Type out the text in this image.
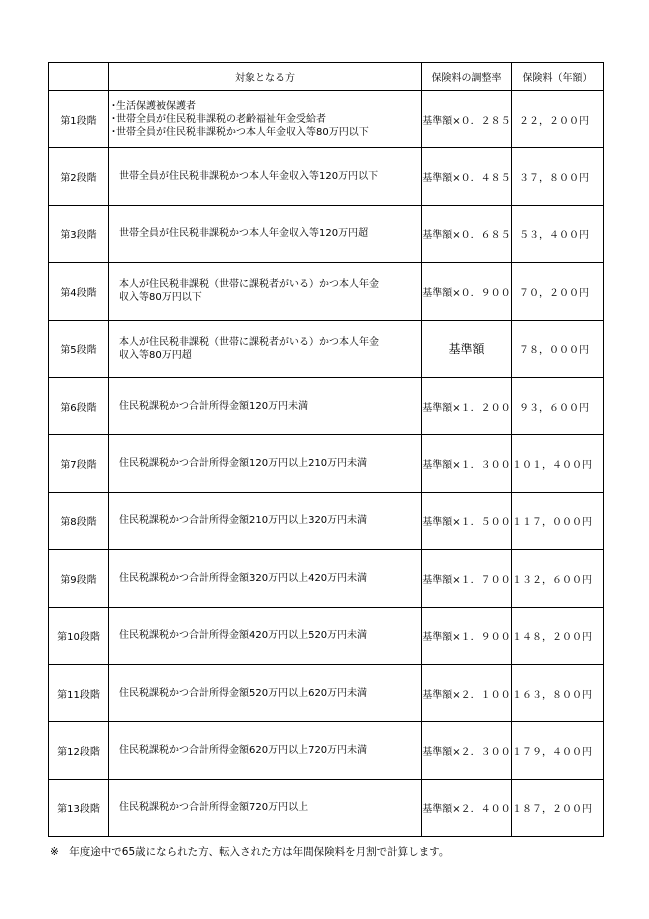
	対象となる方	保険料の調整率	保険料（年額）
第1段階	･生活保護被保護者
･世帯全員が住民税非課税の老齢福祉年金受給者
･世帯全員が住民税非課税かつ本人年金収入等80万円以下	基準額×０．２８５	２２，２００円
第2段階	世帯全員が住民税非課税かつ本人年金収入等120万円以下	基準額×０．４８５	３７，８００円
第3段階	世帯全員が住民税非課税かつ本人年金収入等120万円超	基準額×０．６８５	５３，４００円
第4段階	本人が住民税非課税（世帯に課税者がいる）かつ本人年金
収入等80万円以下	基準額×０．９００	７０，２００円
第5段階	本人が住民税非課税（世帯に課税者がいる）かつ本人年金
収入等80万円超	基準額	７８，０００円
第6段階	住民税課税かつ合計所得金額120万円未満	基準額×１．２００	９３，６００円
第7段階	住民税課税かつ合計所得金額120万円以上210万円未満	基準額×１．３００	１０１，４００円
第8段階	住民税課税かつ合計所得金額210万円以上320万円未満	基準額×１．５００	１１７，０００円
第9段階	住民税課税かつ合計所得金額320万円以上420万円未満	基準額×１．７００	１３２，６００円
第10段階	住民税課税かつ合計所得金額420万円以上520万円未満	基準額×１．９００	１４８，２００円
第11段階	住民税課税かつ合計所得金額520万円以上620万円未満	基準額×２．１００	１６３，８００円
第12段階	住民税課税かつ合計所得金額620万円以上720万円未満	基準額×２．３００	１７９，４００円
第13段階	住民税課税かつ合計所得金額720万円以上	基準額×２．４００	１８７，２００円
※　年度途中で65歳になられた方、転入された方は年間保険料を月割で計算します。
